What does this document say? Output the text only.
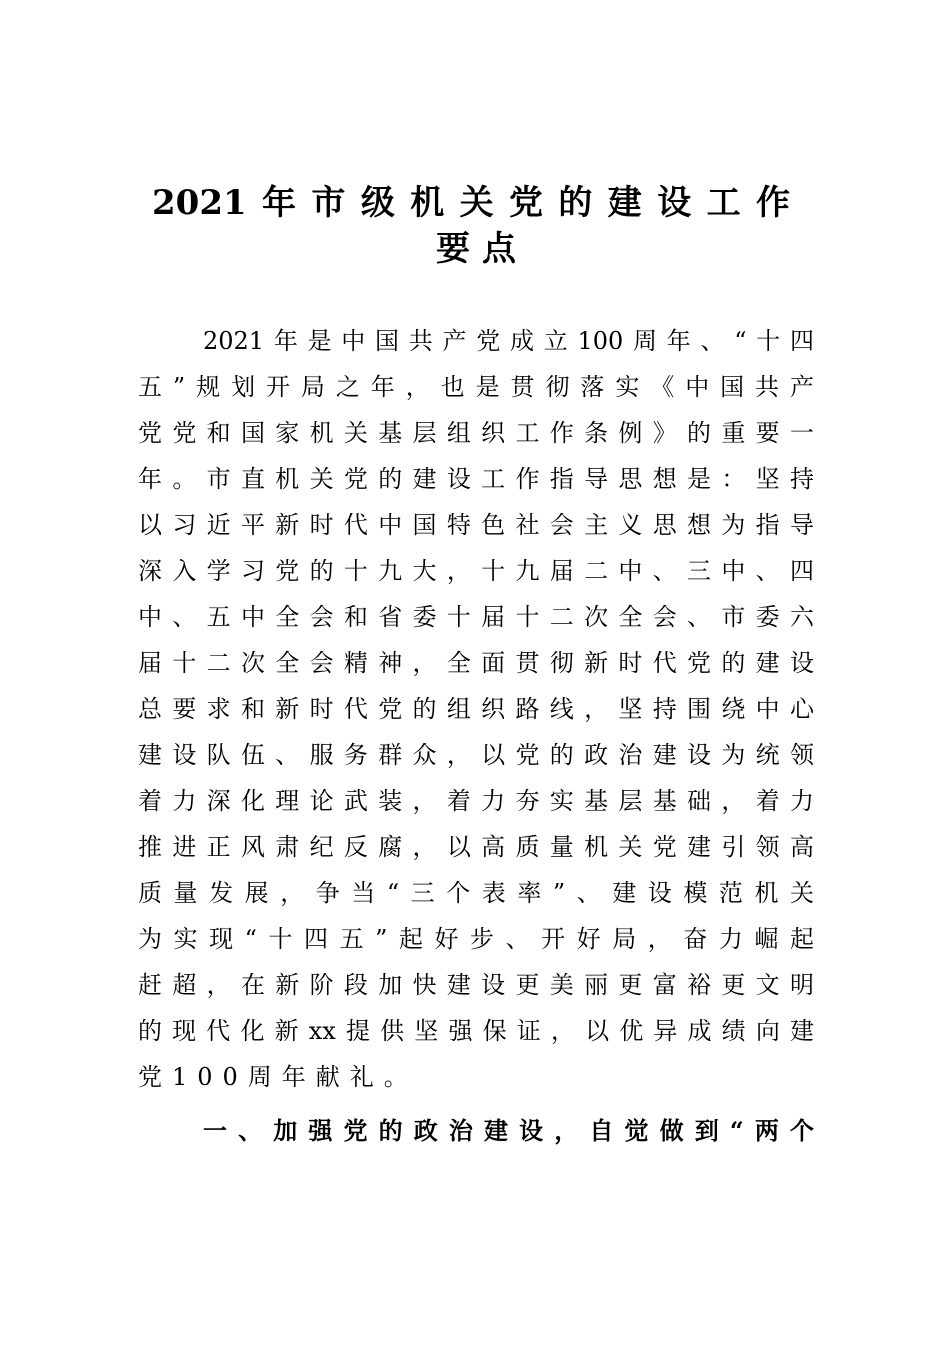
2021年市级机关党的建设工作
要点
2021年是中国共产党成立100周年、“十四
五”规划开局之年，也是贯彻落实《中国共产
党党和国家机关基层组织工作条例》的重要一
年。市直机关党的建设工作指导思想是：坚持
以习近平新时代中国特色社会主义思想为指导
深入学习党的十九大，十九届二中、三中、四
中、五中全会和省委十届十二次全会、市委六
届十二次全会精神，全面贯彻新时代党的建设
总要求和新时代党的组织路线，坚持围绕中心
建设队伍、服务群众，以党的政治建设为统领
着力深化理论武装，着力夯实基层基础，着力
推进正风肃纪反腐，以高质量机关党建引领高
质量发展，争当“三个表率”、建设模范机关
为实现“十四五”起好步、开好局，奋力崛起
赶超，在新阶段加快建设更美丽更富裕更文明
的现代化新xx提供坚强保证，以优异成绩向建
党100周年献礼。
一、加强党的政治建设，自觉做到“两个
